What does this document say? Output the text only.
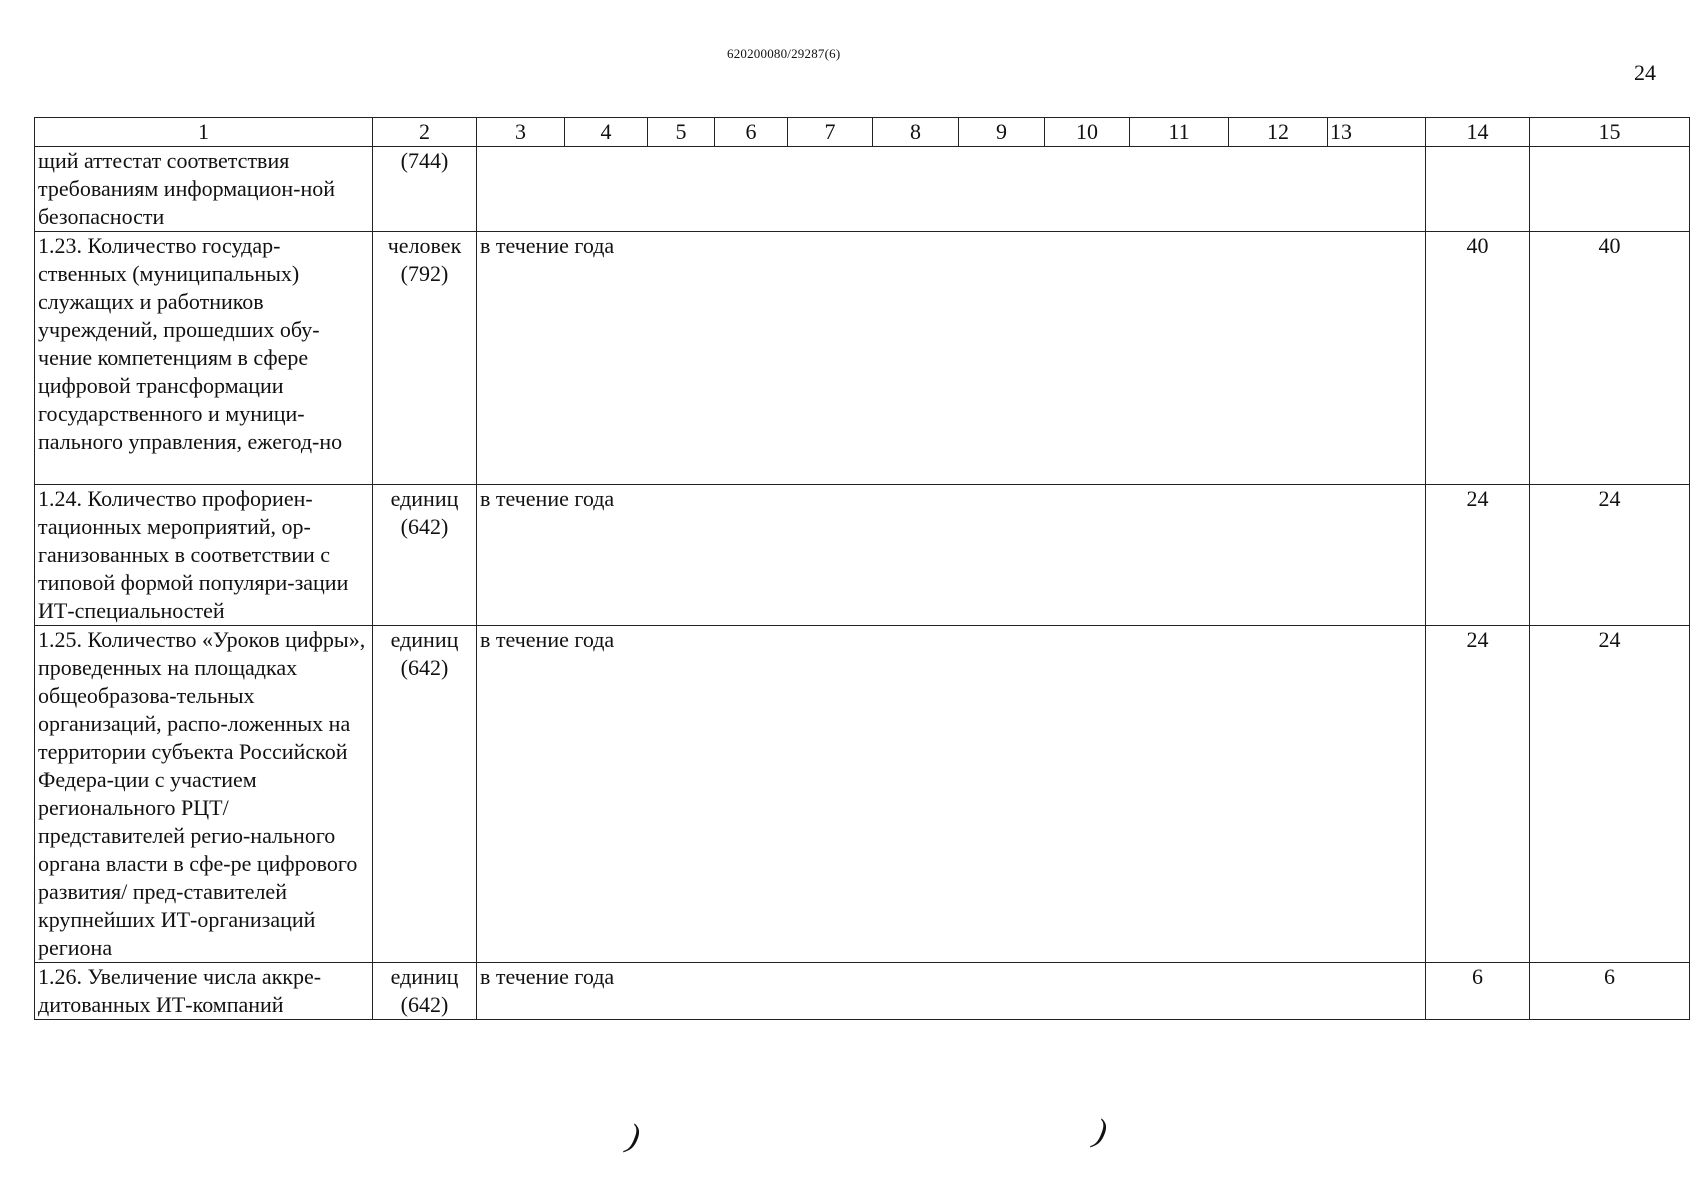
620200080/29287(6)
24
1	2	3	4	5	6	7	8	9	10	11	12	13	14	15
щий аттестат соответствия требованиям информацион-ной безопасности	(744)													
1.23. Количество государ-ственных (муниципальных) служащих и работников учреждений, прошедших обу-чение компетенциям в сфере цифровой трансформации государственного и муници-пального управления, ежегод-но	человек (792)	в течение года											40	40
1.24. Количество профориен-тационных мероприятий, ор-ганизованных в соответствии с типовой формой популяри-зации ИТ-специальностей	единиц (642)	в течение года											24	24
1.25. Количество «Уроков цифры», проведенных на площадках общеобразова-тельных организаций, распо-ложенных на территории субъекта Российской Федера-ции с участием регионального РЦТ/ представителей регио-нального органа власти в сфе-ре цифрового развития/ пред-ставителей крупнейших ИТ-организаций региона	единиц (642)	в течение года											24	24
1.26. Увеличение числа аккре-дитованных ИТ-компаний	единиц (642)	в течение года											6	6
)	)
